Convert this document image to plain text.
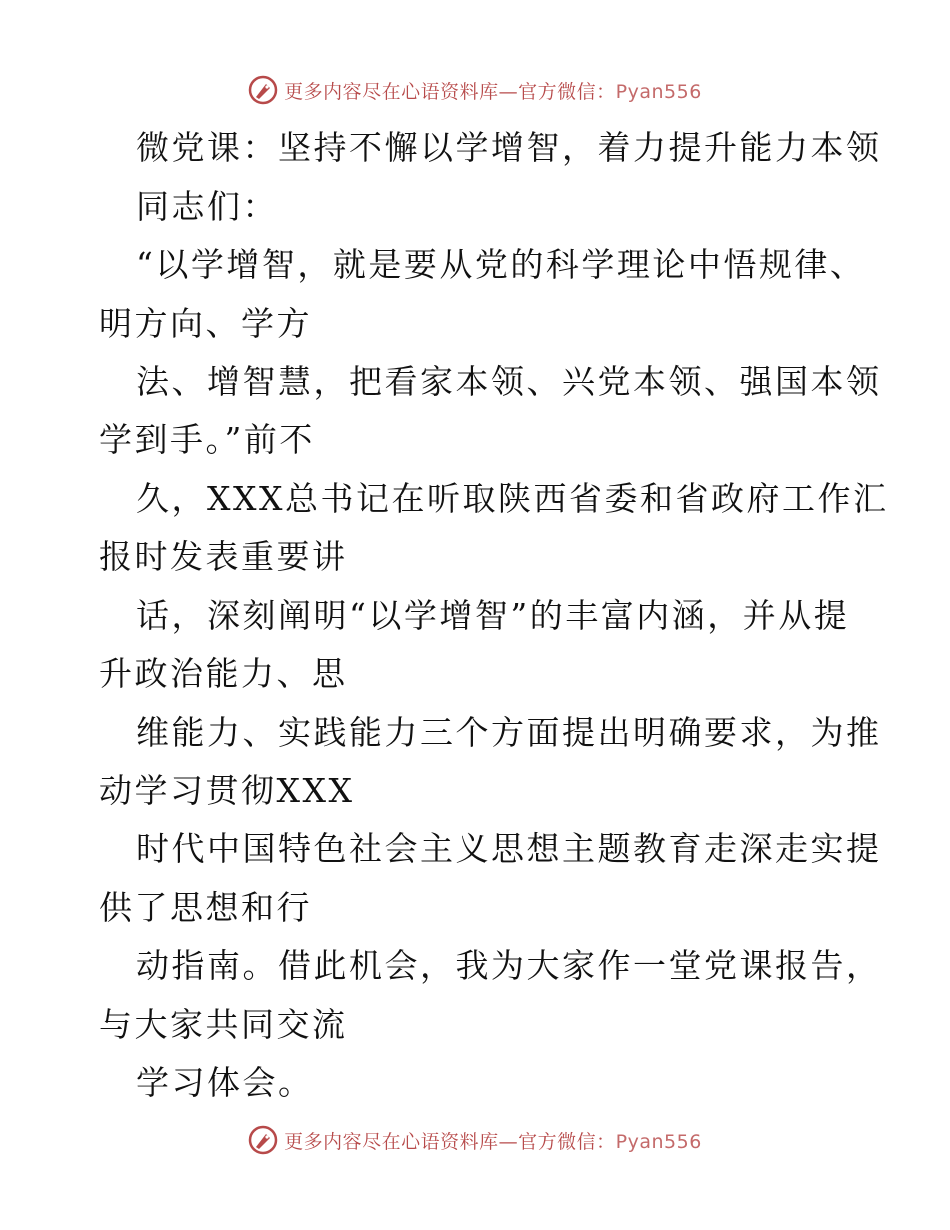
更多内容尽在心语资料库—官方微信：Pyan556
微党课：坚持不懈以学增智，着力提升能力本领
同志们：
“以学增智，就是要从党的科学理论中悟规律、
明方向、学方
法、增智慧，把看家本领、兴党本领、强国本领
学到手。”前不
久，XXX总书记在听取陕西省委和省政府工作汇
报时发表重要讲
话，深刻阐明“以学增智”的丰富内涵，并从提
升政治能力、思
维能力、实践能力三个方面提出明确要求，为推
动学习贯彻XXX
时代中国特色社会主义思想主题教育走深走实提
供了思想和行
动指南。借此机会，我为大家作一堂党课报告，
与大家共同交流
学习体会。
更多内容尽在心语资料库—官方微信：Pyan556
